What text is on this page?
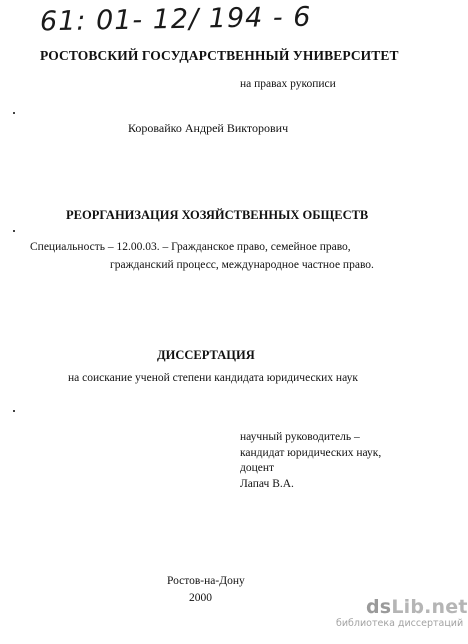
61: 01- 12/ 194 - 6
РОСТОВСКИЙ ГОСУДАРСТВЕННЫЙ УНИВЕРСИТЕТ
на правах рукописи
Коровайко Андрей Викторович
РЕОРГАНИЗАЦИЯ ХОЗЯЙСТВЕННЫХ ОБЩЕСТВ
Специальность – 12.00.03. – Гражданское право, семейное право,
гражданский процесс, международное частное право.
ДИССЕРТАЦИЯ
на соискание ученой степени кандидата юридических наук
научный руководитель –
кандидат юридических наук,
доцент
Лапач В.А.
Ростов-на-Дону
2000	dsLib.net
библиотека диссертаций
